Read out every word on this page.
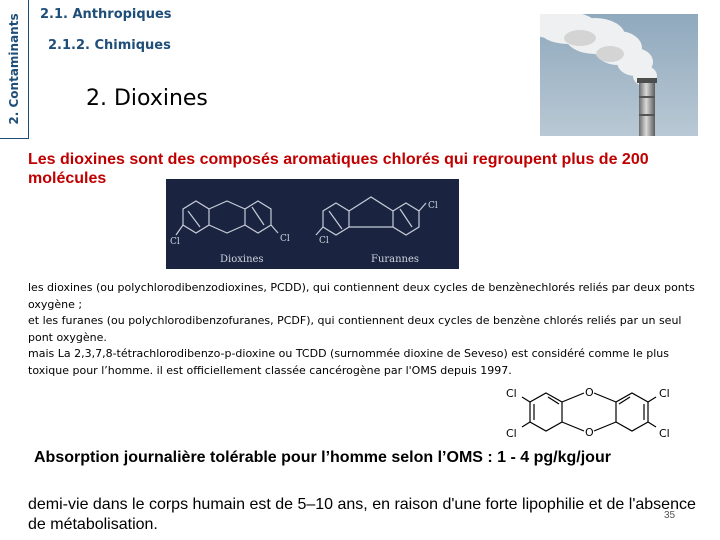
2. Contaminants 2.1. Anthropiques
2.1.2. Chimiques
2. Dioxines
Les dioxines sont des composés aromatiques chlorés qui regroupent plus de 200 molécules
Cl	Cl	Cl
Cl
Dioxines	Furannes

les dioxines (ou polychlorodibenzodioxines, PCDD), qui contiennent deux cycles de benzènechlorés reliés par deux ponts oxygène ;

et les furanes (ou polychlorodibenzofuranes, PCDF), qui contiennent deux cycles de benzène chlorés reliés par un seul pont oxygène.

mais La 2,3,7,8-tétrachlorodibenzo-p-dioxine ou TCDD (surnommée dioxine de Seveso) est considéré comme le plus toxique pour l’homme. il est officiellement classée cancérogène par l'OMS depuis 1997.

Cl
Cl
Cl
Cl
O
O
Absorption journalière tolérable pour l’homme selon l’OMS : 1 - 4 pg/kg/jour
demi-vie dans le corps humain est de 5–10 ans, en raison d'une forte lipophilie et de l'absence de métabolisation.
35
